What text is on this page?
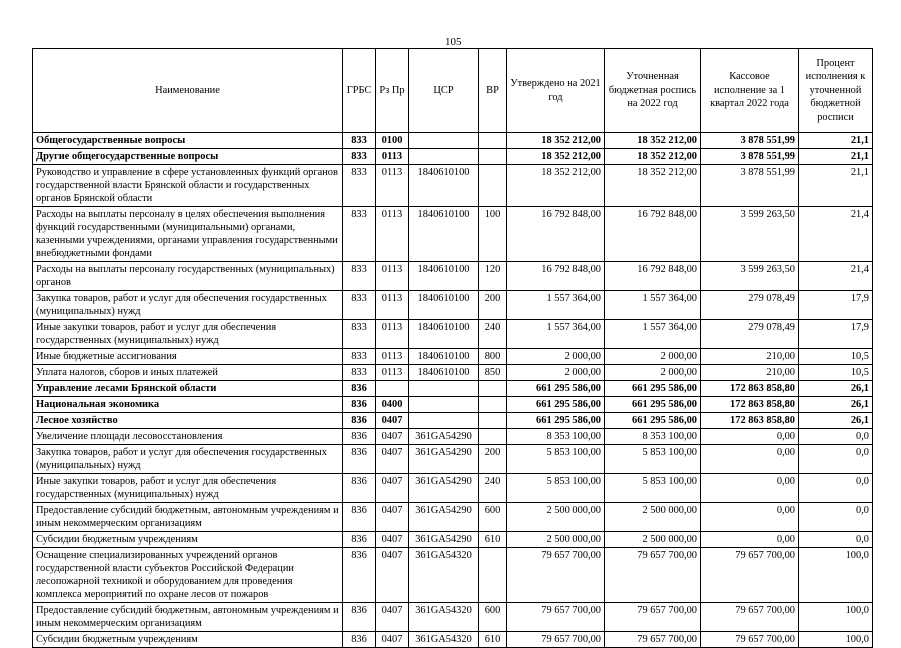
105
Наименование	ГРБС	Рз Пр	ЦСР	ВР	Утверждено на 2021 год	Уточненная бюджетная роспись на 2022 год	Кассовое исполнение за 1 квартал 2022 года	Процент исполнения к уточненной бюджетной росписи
Общегосударственные вопросы	833	0100			18 352 212,00	18 352 212,00	3 878 551,99	21,1
Другие общегосударственные вопросы	833	0113			18 352 212,00	18 352 212,00	3 878 551,99	21,1
Руководство и управление в сфере установленных функций органов государственной власти Брянской области и государственных органов Брянской области	833	0113	1840610100		18 352 212,00	18 352 212,00	3 878 551,99	21,1
Расходы на выплаты персоналу в целях обеспечения выполнения функций государственными (муниципальными) органами, казенными учреждениями, органами управления государственными внебюджетными фондами	833	0113	1840610100	100	16 792 848,00	16 792 848,00	3 599 263,50	21,4
Расходы на выплаты персоналу государственных (муниципальных) органов	833	0113	1840610100	120	16 792 848,00	16 792 848,00	3 599 263,50	21,4
Закупка товаров, работ и услуг для обеспечения государственных (муниципальных) нужд	833	0113	1840610100	200	1 557 364,00	1 557 364,00	279 078,49	17,9
Иные закупки товаров, работ и услуг для обеспечения государственных (муниципальных) нужд	833	0113	1840610100	240	1 557 364,00	1 557 364,00	279 078,49	17,9
Иные бюджетные ассигнования	833	0113	1840610100	800	2 000,00	2 000,00	210,00	10,5
Уплата налогов, сборов и иных платежей	833	0113	1840610100	850	2 000,00	2 000,00	210,00	10,5
Управление лесами Брянской области	836				661 295 586,00	661 295 586,00	172 863 858,80	26,1
Национальная экономика	836	0400			661 295 586,00	661 295 586,00	172 863 858,80	26,1
Лесное хозяйство	836	0407			661 295 586,00	661 295 586,00	172 863 858,80	26,1
Увеличение площади лесовосстановления	836	0407	361GA54290		8 353 100,00	8 353 100,00	0,00	0,0
Закупка товаров, работ и услуг для обеспечения государственных (муниципальных) нужд	836	0407	361GA54290	200	5 853 100,00	5 853 100,00	0,00	0,0
Иные закупки товаров, работ и услуг для обеспечения государственных (муниципальных) нужд	836	0407	361GA54290	240	5 853 100,00	5 853 100,00	0,00	0,0
Предоставление субсидий бюджетным, автономным учреждениям и иным некоммерческим организациям	836	0407	361GA54290	600	2 500 000,00	2 500 000,00	0,00	0,0
Субсидии бюджетным учреждениям	836	0407	361GA54290	610	2 500 000,00	2 500 000,00	0,00	0,0
Оснащение специализированных учреждений органов государственной власти субъектов Российской Федерации лесопожарной техникой и оборудованием для проведения комплекса мероприятий по охране лесов от пожаров	836	0407	361GA54320		79 657 700,00	79 657 700,00	79 657 700,00	100,0
Предоставление субсидий бюджетным, автономным учреждениям и иным некоммерческим организациям	836	0407	361GA54320	600	79 657 700,00	79 657 700,00	79 657 700,00	100,0
Субсидии бюджетным учреждениям	836	0407	361GA54320	610	79 657 700,00	79 657 700,00	79 657 700,00	100,0
